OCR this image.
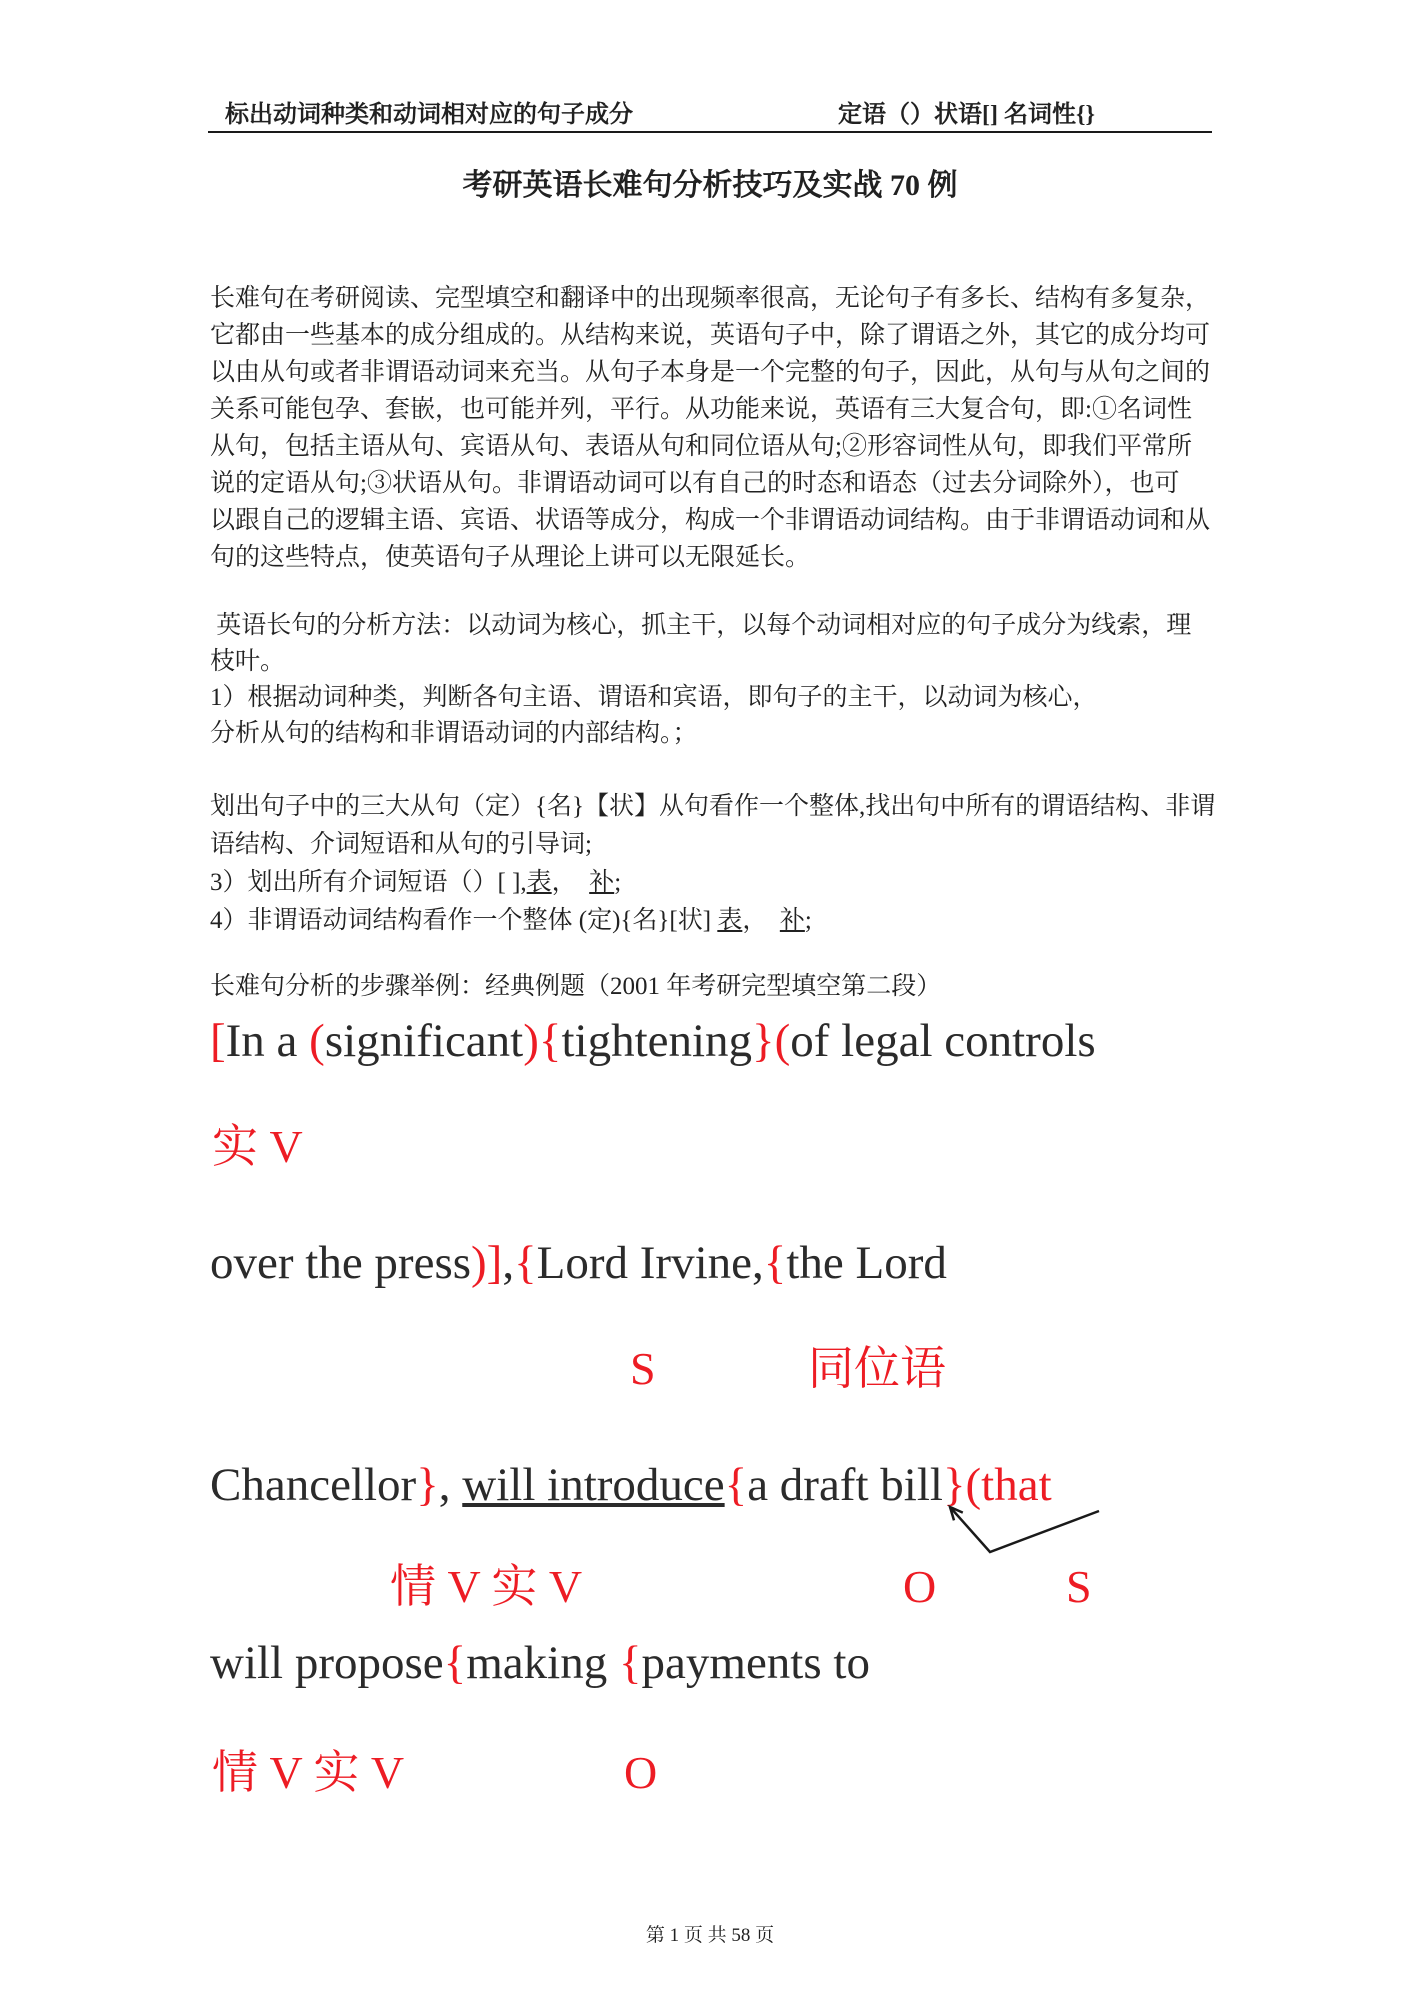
标出动词种类和动词相对应的句子成分	定语（）状语[] 名词性{}
考研英语长难句分析技巧及实战 70 例
长难句在考研阅读、完型填空和翻译中的出现频率很高，无论句子有多长、结构有多复杂，
它都由一些基本的成分组成的。从结构来说，英语句子中，除了谓语之外，其它的成分均可
以由从句或者非谓语动词来充当。从句子本身是一个完整的句子，因此，从句与从句之间的
关系可能包孕、套嵌，也可能并列，平行。从功能来说，英语有三大复合句，即:①名词性
从句，包括主语从句、宾语从句、表语从句和同位语从句;②形容词性从句，即我们平常所
说的定语从句;③状语从句。非谓语动词可以有自己的时态和语态（过去分词除外），也可
以跟自己的逻辑主语、宾语、状语等成分，构成一个非谓语动词结构。由于非谓语动词和从
句的这些特点，使英语句子从理论上讲可以无限延长。
英语长句的分析方法：以动词为核心，抓主干，以每个动词相对应的句子成分为线索，理
枝叶。
1）根据动词种类，判断各句主语、谓语和宾语，即句子的主干，以动词为核心，
分析从句的结构和非谓语动词的内部结构。；
划出句子中的三大从句（定）{名}【状】从句看作一个整体,找出句中所有的谓语结构、非谓
语结构、介词短语和从句的引导词;
3）划出所有介词短语（）[ ],表，  补;
4）非谓语动词结构看作一个整体 (定){名}[状] 表，  补;
长难句分析的步骤举例：经典例题（2001 年考研完型填空第二段）
[In a (significant){tightening}(of legal controls
实 V
over the press)],{Lord Irvine,{the Lord
S	同位语
Chancellor}, will introduce{a draft bill}(that
情 V 实 V	O	S
will propose{making {payments to
情 V 实 V	O
第 1 页 共 58 页
